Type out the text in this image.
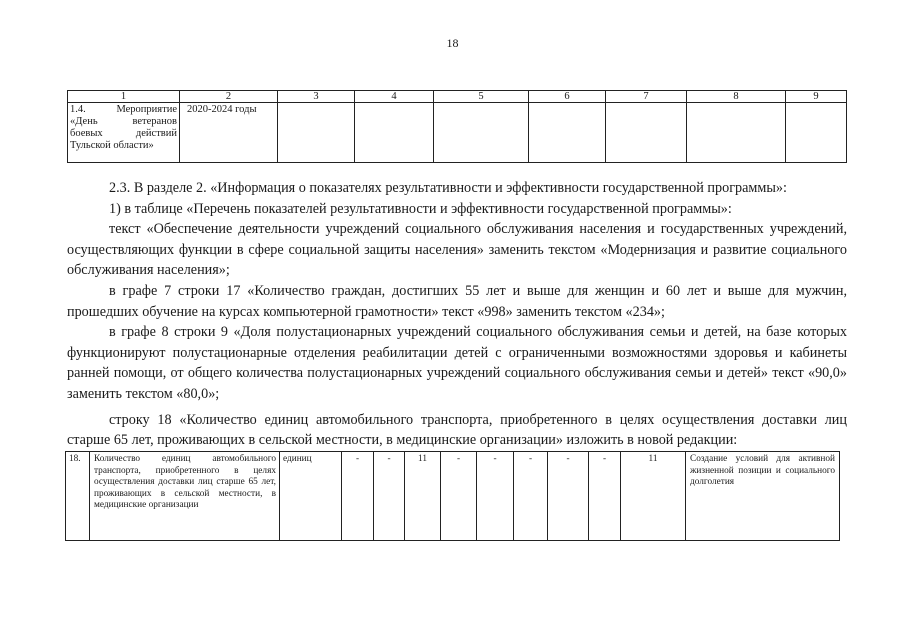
18
1	2	3	4	5	6	7	8	9
1.4. Мероприятие «День ветеранов боевых действий Тульской области»	2020-2024 годы							

2.3. В разделе 2. «Информация о показателях результативности и эффективности государственной программы»:

1) в таблице «Перечень показателей результативности и эффективности государственной программы»:

текст «Обеспечение деятельности учреждений социального обслуживания населения и государственных учреждений, осуществляющих функции в сфере социальной защиты населения» заменить текстом «Модернизация и развитие социального обслуживания населения»;

в графе 7 строки 17 «Количество граждан, достигших 55 лет и выше для женщин и 60 лет и выше для мужчин, прошедших обучение на курсах компьютерной грамотности» текст «998» заменить текстом «234»;

в графе 8 строки 9 «Доля полустационарных учреждений социального обслуживания семьи и детей, на базе которых функционируют полустационарные отделения реабилитации детей с ограниченными возможностями здоровья и кабинеты ранней помощи, от общего количества полустационарных учреждений социального обслуживания семьи и детей» текст «90,0» заменить текстом «80,0»;

строку 18 «Количество единиц автомобильного транспорта, приобретенного в целях осуществления доставки лиц старше 65 лет, проживающих в сельской местности, в медицинские организации» изложить в новой редакции:

18.	Количество единиц автомобильного транспорта, приобретенного в целях осуществления доставки лиц старше 65 лет, проживающих в сельской местности, в медицинские организации	единиц	-	-	11	-	-	-	-	-	11	Создание условий для активной жизненной позиции и социального долголетия
